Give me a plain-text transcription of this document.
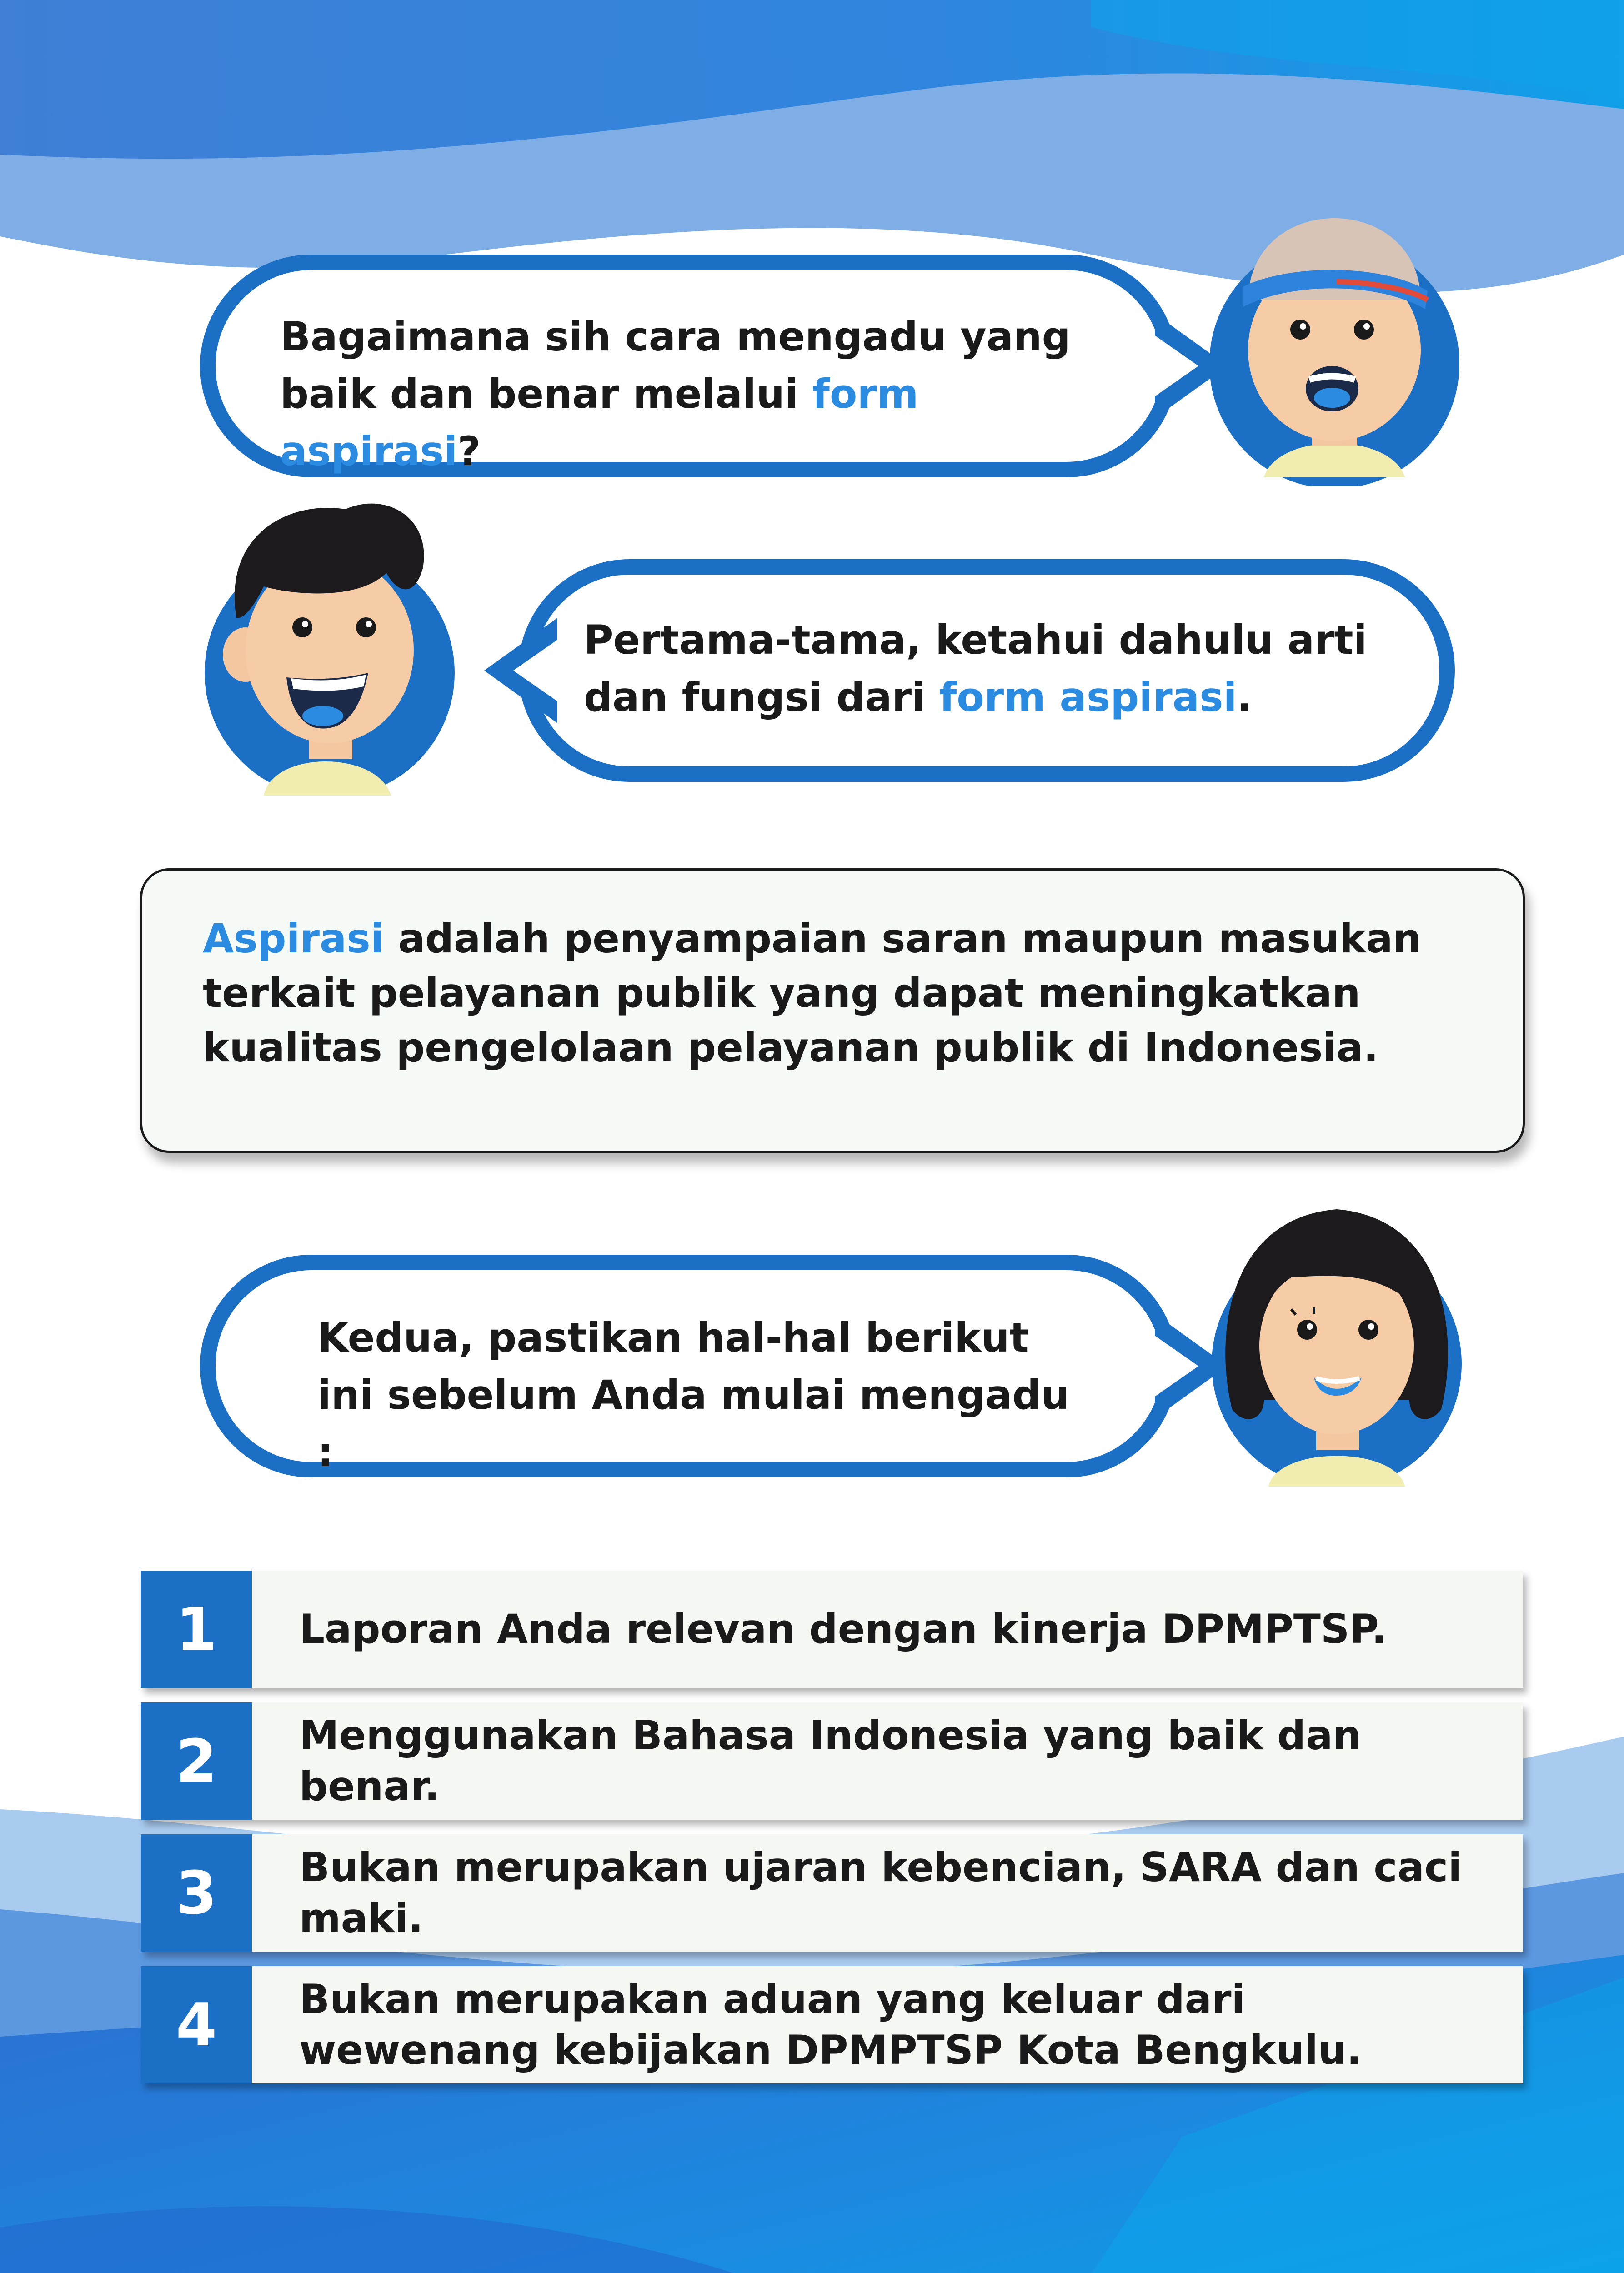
Bagaimana sih cara mengadu yang baik dan benar melalui form aspirasi?

Pertama-tama, ketahui dahulu arti dan fungsi dari form aspirasi.

Aspirasi adalah penyampaian saran maupun masukan terkait pelayanan publik yang dapat meningkatkan kualitas pengelolaan pelayanan publik di Indonesia.

Kedua, pastikan hal-hal berikut ini sebelum Anda mulai mengadu :

1	Laporan Anda relevan dengan kinerja DPMPTSP.
2	Menggunakan Bahasa Indonesia yang baik dan benar.
3	Bukan merupakan ujaran kebencian, SARA dan caci maki.
4	Bukan merupakan aduan yang keluar dari wewenang kebijakan DPMPTSP Kota Bengkulu.
